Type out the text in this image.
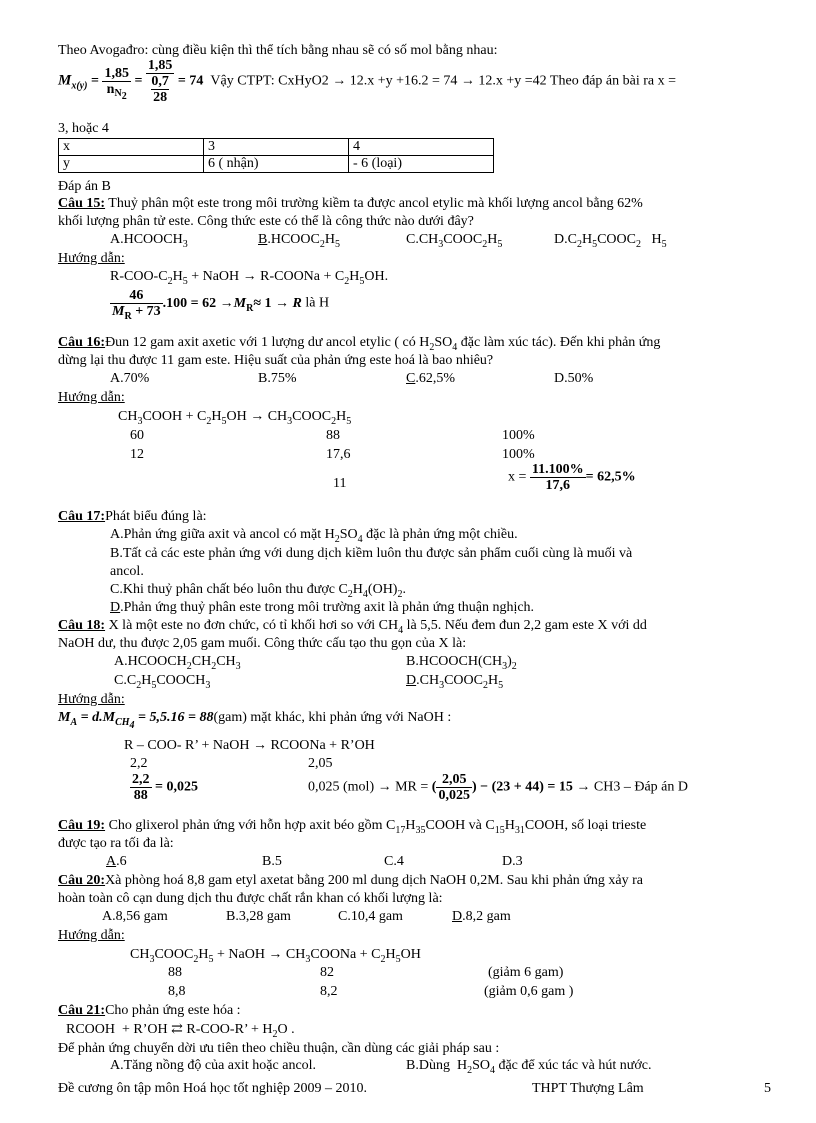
Theo Avogađro: cùng điều kiện thì thể tích bằng nhau sẽ có số mol bằng nhau:
$M_{x(y)} = \frac{1,85}{n_{N_2}}$ =
1,85
0,7
28
= 74 Vậy CTPT: CxHyO2 → 12.x +y +16.2 = 74 → 12.x +y =42 Theo đáp án bài ra x =
3, hoặc 4
x	3	4
y	6 ( nhận)	- 6 (loại)
Đáp án B
Câu 15: Thuỷ phân một este trong môi trường kiềm ta được ancol etylic mà khối lượng ancol bằng 62%
khối lượng phân tử este. Công thức este có thể là công thức nào dưới đây?
$A.HCOOCH_3$	$B.HCOOC_2H_5$	$C.CH_3COOC_2H_5$	$D.C_2H_5COOC_2$   $H_5$
Hướng dẫn:
$R-COO-C_2H_5$ + NaOH → R-COONa + $C_2H_5OH$.
$\frac{46}{M_R + 73} .100 = 62 \to M_R\approx 1 \to R$ là H
Câu 16:Đun 12 gam axit axetic với 1 lượng dư ancol etylic ( có $H_2SO_4$ đặc làm xúc tác). Đến khi phản ứng
dừng lại thu được 11 gam este. Hiệu suất của phản ứng este hoá là bao nhiêu?
A.70%	B.75%	C.62,5%	D.50%
Hướng dẫn:
$CH_3COOH + C_2H_5OH$ → $CH_3COOC_2H_5$
60	88	100%
12	17,6	100%
11	$x = \frac{11.100\%}{17,6} = 62,5\%$
Câu 17:Phát biểu đúng là:
A.Phản ứng giữa axit và ancol có mặt $H_2SO_4$ đặc là phản ứng một chiều.
B.Tất cả các este phản ứng với dung dịch kiềm luôn thu được sản phẩm cuối cùng là muối và
ancol.
C.Khi thuỷ phân chất béo luôn thu được $C_2H_4(OH)_2$.
D.Phản ứng thuỷ phân este trong môi trường axit là phản ứng thuận nghịch.
Câu 18: X là một este no đơn chức, có tỉ khối hơi so với $CH_4$ là 5,5. Nếu đem đun 2,2 gam este X với dd
NaOH dư, thu được 2,05 gam muối. Công thức cấu tạo thu gọn của X là:
$A.HCOOCH_2CH_2CH_3$	$B.HCOOCH(CH_3)_2$
$C.C_2H_5COOCH_3$	$D.CH_3COOC_2H_5$
Hướng dẫn:
$M_A = d.M_{CH_4} = 5,5.16 = 88(gam)$ mặt khác, khi phản ứng với NaOH :
R – COO- R’ + NaOH → RCOONa + R’OH
2,2	2,05
$\frac{2,2}{88} = 0,025$	0,025 (mol) → MR = ( $\frac{2,05}{0,025}$ ) − (23 + 44) = 15 → CH3 – Đáp án D
Câu 19: Cho glixerol phản ứng với hỗn hợp axit béo gồm $C_{17}H_{35}COOH$ và $C_{15}H_{31}COOH$, số loại trieste
được tạo ra tối đa là:
A.6	B.5	C.4	D.3
Câu 20:Xà phòng hoá 8,8 gam etyl axetat bằng 200 ml dung dịch NaOH 0,2M. Sau khi phản ứng xảy ra
hoàn toàn cô cạn dung dịch thu được chất rắn khan có khối lượng là:
A.8,56 gam	B.3,28 gam	C.10,4 gam	D.8,2 gam
Hướng dẫn:
$CH_3COOC_2H_5$ + NaOH → $CH_3COONa + C_2H_5OH$
88	82	(giảm 6 gam)
8,8	8,2	(giảm 0,6 gam )
Câu 21:Cho phản ứng este hóa :
RCOOH  + R’OH ⇄ R-COO-R’ + $H_2O$ .
Để phản ứng chuyển dời ưu tiên theo chiều thuận, cần dùng các giải pháp sau :
A.Tăng nồng độ của axit hoặc ancol.	B.Dùng  $H_2SO_4$ đặc để xúc tác và hút nước.
Đề cương ôn tập môn Hoá học tốt nghiệp 2009 – 2010.	THPT Thượng Lâm	5
